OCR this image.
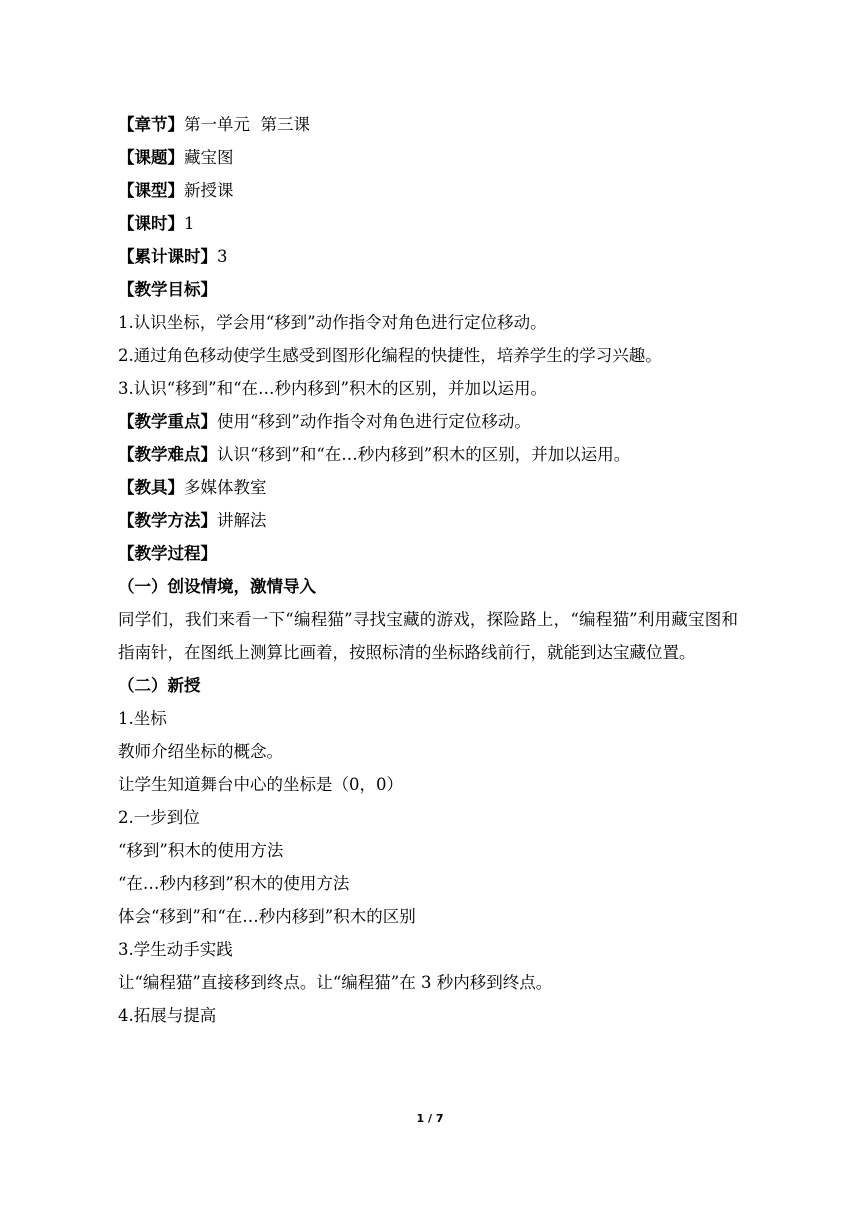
【章节】第一单元  第三课
【课题】藏宝图
【课型】新授课
【课时】1
【累计课时】3
【教学目标】
1.认识坐标，学会用“移到”动作指令对角色进行定位移动。
2.通过角色移动使学生感受到图形化编程的快捷性，培养学生的学习兴趣。
3.认识“移到”和“在…秒内移到”积木的区别，并加以运用。
【教学重点】使用“移到”动作指令对角色进行定位移动。
【教学难点】认识“移到”和“在…秒内移到”积木的区别，并加以运用。
【教具】多媒体教室
【教学方法】讲解法
【教学过程】
（一）创设情境，激情导入
同学们，我们来看一下“编程猫”寻找宝藏的游戏，探险路上，“编程猫”利用藏宝图和指南针，在图纸上测算比画着，按照标清的坐标路线前行，就能到达宝藏位置。
（二）新授
1.坐标
教师介绍坐标的概念。
让学生知道舞台中心的坐标是（0，0）
2.一步到位
“移到”积木的使用方法
“在…秒内移到”积木的使用方法
体会“移到”和“在…秒内移到”积木的区别
3.学生动手实践
让“编程猫”直接移到终点。让“编程猫”在 3 秒内移到终点。
4.拓展与提高
1 / 7
